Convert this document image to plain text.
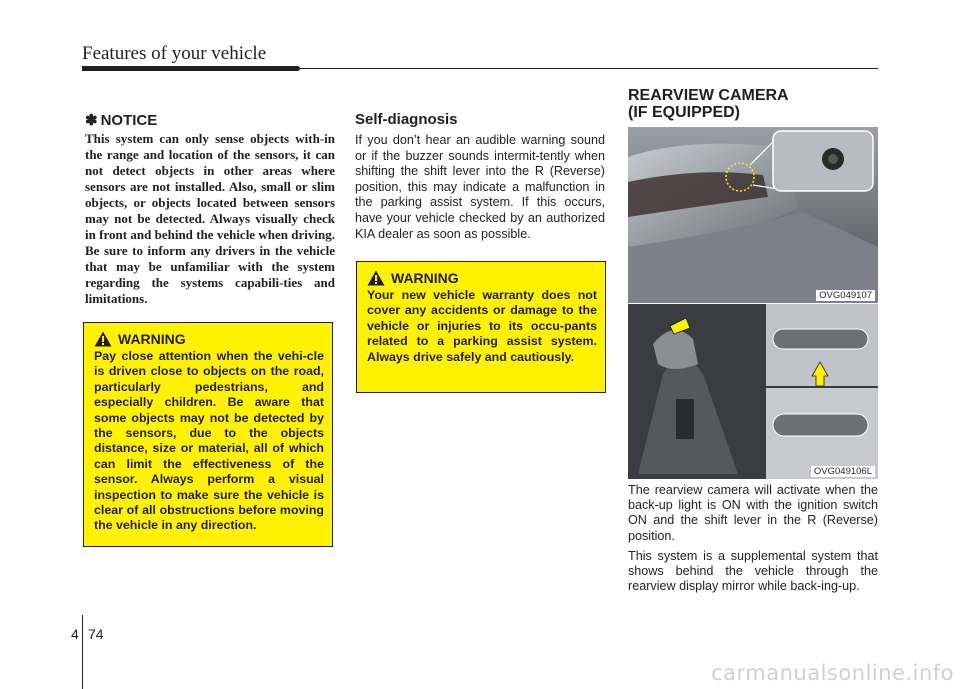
Features of your vehicle
✽ NOTICE

This system can only sense objects with-in the range and location of the sensors, it can not detect objects in other areas where sensors are not installed. Also, small or slim objects, or objects located between sensors may not be detected. Always visually check in front and behind the vehicle when driving. Be sure to inform any drivers in the vehicle that may be unfamiliar with the system regarding the systems capabili-ties and limitations.

WARNING

Pay close attention when the vehi-cle is driven close to objects on the road, particularly pedestrians, and especially children. Be aware that some objects may not be detected by the sensors, due to the objects distance, size or material, all of which can limit the effectiveness of the sensor. Always perform a visual inspection to make sure the vehicle is clear of all obstructions before moving the vehicle in any direction.

Self-diagnosis

If you don’t hear an audible warning sound or if the buzzer sounds intermit-tently when shifting the shift lever into the R (Reverse) position, this may indicate a malfunction in the parking assist system. If this occurs, have your vehicle checked by an authorized KIA dealer as soon as possible.

WARNING

Your new vehicle warranty does not cover any accidents or damage to the vehicle or injuries to its occu-pants related to a parking assist system. Always drive safely and cautiously.

REARVIEW CAMERA
(IF EQUIPPED)
OVG049107
OVG049106L

The rearview camera will activate when the back-up light is ON with the ignition switch ON and the shift lever in the R (Reverse) position.

This system is a supplemental system that shows behind the vehicle through the rearview display mirror while back-ing-up.

4 74
carmanualsonline.info
